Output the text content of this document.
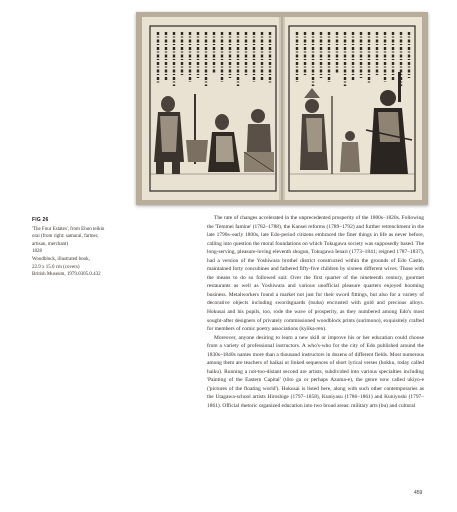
FIG 26
'The Four Estates', from Ehon teikin
orai (from right: samurai, farmer,
artisan, merchant)
1828
Woodblock, illustrated book,
22.9 x 15.0 cm (covers)
British Museum, 1979.0305.0.432

The rate of changes accelerated in the unprecedented prosperity of the 1800s–1820s. Following the 'Temmei famine' (1782–1788), the Kansei reforms (1789–1792) and further retrenchment in the late 1790s–early 1800s, late Edo-period citizens embraced the finer things in life as never before, calling into question the moral foundations on which Tokugawa society was supposedly based. The long-serving, pleasure-loving eleventh shogun, Tokugawa Ienari (1773–1841; reigned 1787–1837), had a version of the Yoshiwara brothel district constructed within the grounds of Edo Castle, maintained forty concubines and fathered fifty-five children by sixteen different wives. Those with the means to do so followed suit. Over the first quarter of the nineteenth century, gourmet restaurants as well as Yoshiwara and various unofficial pleasure quarters enjoyed booming business. Metalworkers found a market not just for their sword fittings, but also for a variety of decorative objects including swordsguards (tsuba) encrusted with gold and precious alloys. Hokusai and his pupils, too, rode the wave of prosperity, as they numbered among Edo's most sought-after designers of privately commissioned woodblock prints (surimono), exquisitely crafted for members of comic poetry associations (kyōka-ren).

Moreover, anyone desiring to learn a new skill or improve his or her education could choose from a variety of professional instructors. A who's-who for the city of Edo published around the 1830s–1840s names more than a thousand instructors in dozens of different fields. Most numerous among them are teachers of haikai or linked sequences of short lyrical verses (hokku, today called haiku). Running a not-too-distant second are artists, subdivided into various specialties including 'Painting of the Eastern Capital' (tōto ga or perhaps Azuma-e), the genre now called ukiyo-e ('pictures of the floating world'). Hokusai is listed here, along with such other contemporaries as the Utagawa-school artists Hiroshige (1797–1858), Kuniyasu (1786–1861) and Kuniyoshi (1797–1861). Official rhetoric organized education into two broad areas: military arts (bu) and cultural

459
